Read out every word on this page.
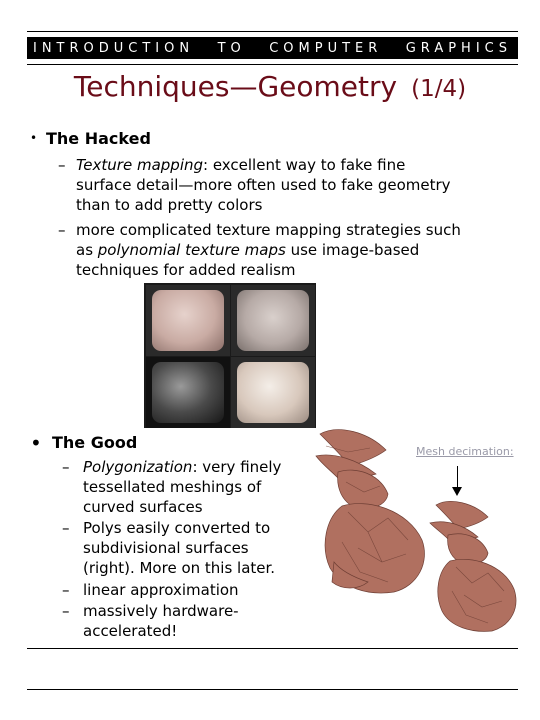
INTRODUCTION TO COMPUTER GRAPHICS
Techniques—Geometry (1/4)
• The Hacked
– Texture mapping: excellent way to fake fine
surface detail—more often used to fake geometry
than to add pretty colors
– more complicated texture mapping strategies such
as polynomial texture maps use image-based
techniques for added realism
• The Good
– Polygonization: very finely
tessellated meshings of
curved surfaces
– Polys easily converted to
subdivisional surfaces
(right). More on this later.
– linear approximation
– massively hardware-
accelerated!
Mesh decimation:
